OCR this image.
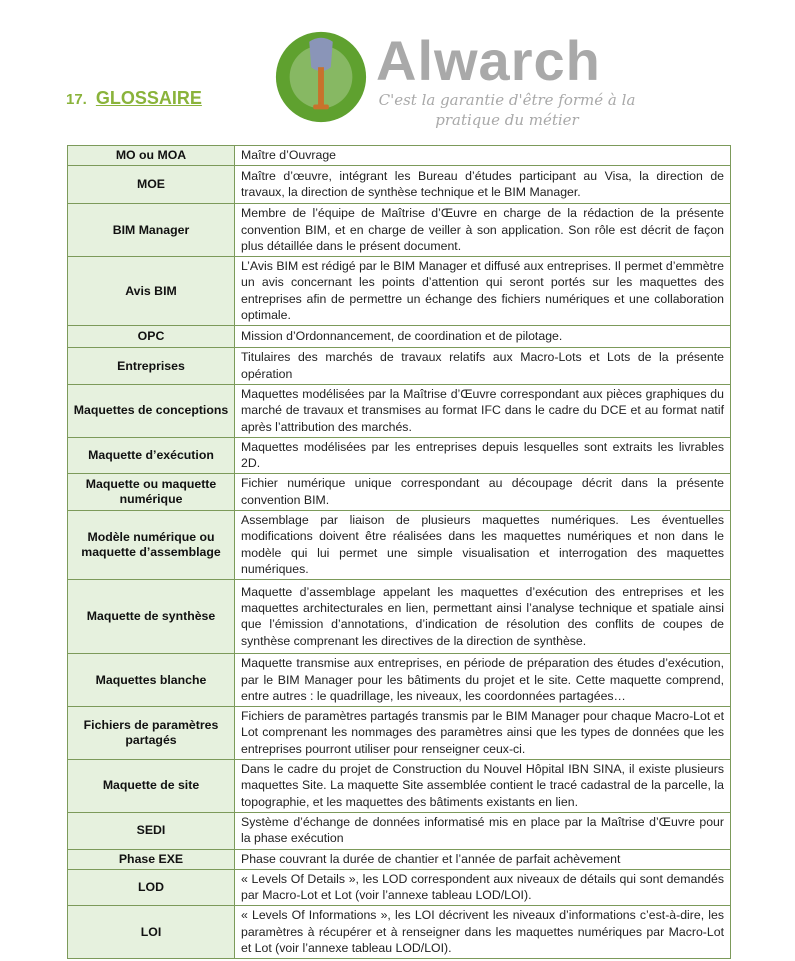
17. GLOSSAIRE
Alwarch
C'est la garantie d'être formé à la pratique du métier
MO ou MOA	Maître d’Ouvrage
MOE	Maître d’œuvre, intégrant les Bureau d’études participant au Visa, la direction de travaux, la direction de synthèse technique et le BIM Manager.
BIM Manager	Membre de l’équipe de Maîtrise d’Œuvre en charge de la rédaction de la présente convention BIM, et en charge de veiller à son application. Son rôle est décrit de façon plus détaillée dans le présent document.
Avis BIM	L’Avis BIM est rédigé par le BIM Manager et diffusé aux entreprises. Il permet d’emmètre un avis concernant les points d’attention qui seront portés sur les maquettes des entreprises afin de permettre un échange des fichiers numériques et une collaboration optimale.
OPC	Mission d’Ordonnancement, de coordination et de pilotage.
Entreprises	Titulaires des marchés de travaux relatifs aux Macro-Lots et Lots de la présente opération
Maquettes de conceptions	Maquettes modélisées par la Maîtrise d’Œuvre correspondant aux pièces graphiques du marché de travaux et transmises au format IFC dans le cadre du DCE et au format natif après l’attribution des marchés.
Maquette d’exécution	Maquettes modélisées par les entreprises depuis lesquelles sont extraits les livrables 2D.
Maquette ou maquette numérique	Fichier numérique unique correspondant au découpage décrit dans la présente convention BIM.
Modèle numérique ou maquette d’assemblage	Assemblage par liaison de plusieurs maquettes numériques. Les éventuelles modifications doivent être réalisées dans les maquettes numériques et non dans le modèle qui lui permet une simple visualisation et interrogation des maquettes numériques.
Maquette de synthèse	Maquette d’assemblage appelant les maquettes d’exécution des entreprises et les maquettes architecturales en lien, permettant ainsi l’analyse technique et spatiale ainsi que l’émission d’annotations, d’indication de résolution des conflits de coupes de synthèse comprenant les directives de la direction de synthèse.
Maquettes blanche	Maquette transmise aux entreprises, en période de préparation des études d’exécution, par le BIM Manager pour les bâtiments du projet et le site. Cette maquette comprend, entre autres : le quadrillage, les niveaux, les coordonnées partagées…
Fichiers de paramètres partagés	Fichiers de paramètres partagés transmis par le BIM Manager pour chaque Macro-Lot et Lot comprenant les nommages des paramètres ainsi que les types de données que les entreprises pourront utiliser pour renseigner ceux-ci.
Maquette de site	Dans le cadre du projet de Construction du Nouvel Hôpital IBN SINA, il existe plusieurs maquettes Site. La maquette Site assemblée contient le tracé cadastral de la parcelle, la topographie, et les maquettes des bâtiments existants en lien.
SEDI	Système d’échange de données informatisé mis en place par la Maîtrise d’Œuvre pour la phase exécution
Phase EXE	Phase couvrant la durée de chantier et l’année de parfait achèvement
LOD	« Levels Of Details », les LOD correspondent aux niveaux de détails qui sont demandés par Macro-Lot et Lot (voir l’annexe tableau LOD/LOI).
LOI	« Levels Of Informations », les LOI décrivent les niveaux d’informations c’est-à-dire, les paramètres à récupérer et à renseigner dans les maquettes numériques par Macro-Lot et Lot (voir l’annexe tableau LOD/LOI).
